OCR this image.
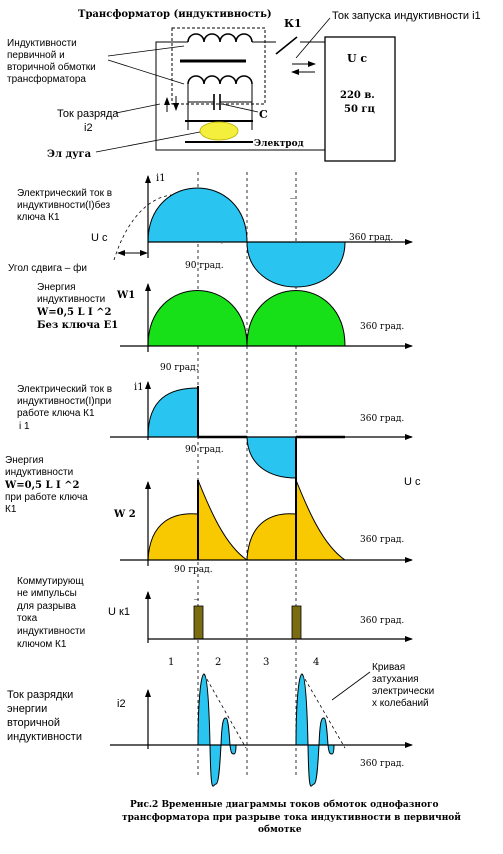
Трансформатор (индуктивность)
К1
Ток запуска индуктивности i1
U с
220 в.
50 гц
С
Электрод
Индуктивности
первичной и
вторичной обмотки
трансформатора
Ток разряда
i2
Эл дуга
Электрический ток в
индуктивности(I)без
ключа К1
i1
U с
Угол сдвига – фи	90 град.
360 град.
_
Энергия
индуктивности
W=0,5 L I ^2
Без ключа Е1
W1
90 град.
360 град.
Электрический ток в
индуктивности(I)при
работе ключа К1
i 1
i1
90 град.
360 град.
U с
Энергия
индуктивности
W=0,5 L I ^2
при работе ключа
К1	W 2
90 град.
360 град.
Коммутирующ
не импульсы
для разрыва
тока
индуктивности
ключом К1
U к1
360 град.
_
1	2	3	4
Ток разрядки
энергии
вторичной
индуктивности
i2
Кривая
затухания
электрически
х колебаний
360 град.
Рис.2 Временные диаграммы токов обмоток однофазного
трансформатора при разрыве тока индуктивности в первичной
обмотке
